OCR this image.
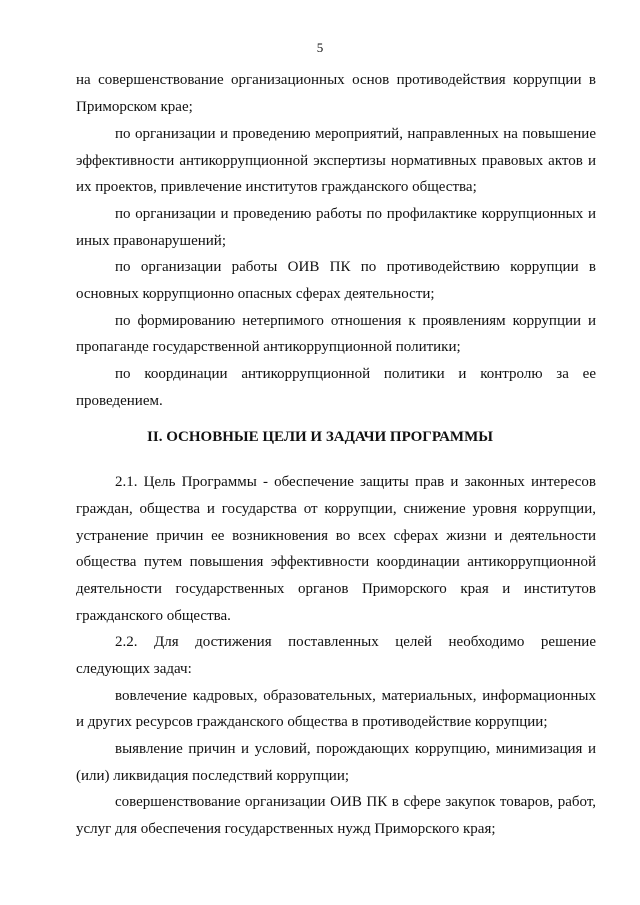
5
на совершенствование организационных основ противодействия коррупции в
Приморском крае;
по организации и проведению мероприятий, направленных на повышение
эффективности антикоррупционной экспертизы нормативных правовых актов и
их проектов, привлечение институтов гражданского общества;
по организации и проведению работы по профилактике коррупционных и
иных правонарушений;
по организации работы ОИВ ПК по противодействию коррупции в
основных коррупционно опасных сферах деятельности;
по формированию нетерпимого отношения к проявлениям коррупции и
пропаганде государственной антикоррупционной политики;
по координации антикоррупционной политики и контролю за ее
проведением.
II. ОСНОВНЫЕ ЦЕЛИ И ЗАДАЧИ ПРОГРАММЫ
2.1. Цель Программы - обеспечение защиты прав и законных интересов
граждан, общества и государства от коррупции, снижение уровня коррупции,
устранение причин ее возникновения во всех сферах жизни и деятельности
общества путем повышения эффективности координации антикоррупционной
деятельности государственных органов Приморского края и институтов
гражданского общества.
2.2. Для достижения поставленных целей необходимо решение
следующих задач:
вовлечение кадровых, образовательных, материальных, информационных
и других ресурсов гражданского общества в противодействие коррупции;
выявление причин и условий, порождающих коррупцию, минимизация и
(или) ликвидация последствий коррупции;
совершенствование организации ОИВ ПК в сфере закупок товаров, работ,
услуг для обеспечения государственных нужд Приморского края;
